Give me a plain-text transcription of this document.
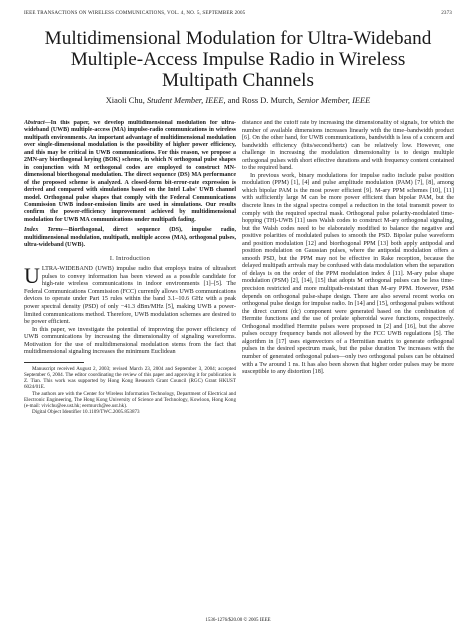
IEEE TRANSACTIONS ON WIRELESS COMMUNICATIONS, VOL. 4, NO. 5, SEPTEMBER 2005	2373
Multidimensional Modulation for Ultra-Wideband
Multiple-Access Impulse Radio in Wireless
Multipath Channels
Xiaoli Chu, Student Member, IEEE, and Ross D. Murch, Senior Member, IEEE

Abstract—In this paper, we develop multidimensional modulation for ultra-wideband (UWB) multiple-access (MA) impulse-radio communications in wireless multipath environments. An important advantage of multidimensional modulation over single-dimensional modulation is the possibility of higher power efficiency, and this may be critical in UWB communications. For this reason, we propose a 2MN-ary biorthogonal keying (BOK) scheme, in which N orthogonal pulse shapes in conjunction with M orthogonal codes are employed to construct MN-dimensional biorthogonal modulation. The direct sequence (DS) MA performance of the proposed scheme is analyzed. A closed-form bit-error-rate expression is derived and compared with simulations based on the Intel Labs' UWB channel model. Orthogonal pulse shapes that comply with the Federal Communications Commission UWB indoor-emission limits are used in simulations. Our results confirm the power-efficiency improvement achieved by multidimensional modulation for UWB MA communications under multipath fading.

Index Terms—Biorthogonal, direct sequence (DS), impulse radio, multidimensional modulation, multipath, multiple access (MA), orthogonal pulses, ultra-wideband (UWB).

I. Introduction

ULTRA-WIDEBAND (UWB) impulse radio that employs trains of ultrashort pulses to convey information has been viewed as a possible candidate for high-rate wireless communications in indoor environments [1]–[5]. The Federal Communications Commission (FCC) currently allows UWB communications devices to operate under Part 15 rules within the band 3.1–10.6 GHz with a peak power spectral density (PSD) of only −41.3 dBm/MHz [5], making UWB a power-limited communications method. Therefore, UWB modulation schemes are desired to be power efficient.

In this paper, we investigate the potential of improving the power efficiency of UWB communications by increasing the dimensionality of signaling waveforms. Motivation for the use of multidimensional modulation stems from the fact that multidimensional signaling increases the minimum Euclidean

Manuscript received August 2, 2003; revised March 23, 2004 and September 3, 2004; accepted September 6, 2004. The editor coordinating the review of this paper and approving it for publication is Z. Tian. This work was supported by Hong Kong Research Grant Council (RGC) Grant HKUST 6024/01E.

The authors are with the Center for Wireless Information Technology, Department of Electrical and Electronic Engineering, The Hong Kong University of Science and Technology, Kowloon, Hong Kong (e-mail: vivichu@ee.ust.hk; eermurch@ee.ust.hk).

Digital Object Identifier 10.1109/TWC.2005.853873

distance and the cutoff rate by increasing the dimensionality of signals, for which the number of available dimensions increases linearly with the time–bandwidth product [6]. On the other hand, for UWB communications, bandwidth is less of a concern and bandwidth efficiency (bits/second/hertz) can be relatively low. However, one challenge in increasing the modulation dimensionality is to design multiple orthogonal pulses with short effective durations and with frequency content contained to the required band.

In previous work, binary modulations for impulse radio include pulse position modulation (PPM) [1], [4] and pulse amplitude modulation (PAM) [7], [8], among which bipolar PAM is the most power efficient [9]. M-ary PPM schemes [10], [11] with sufficiently large M can be more power efficient than bipolar PAM, but the discrete lines in the signal spectra compel a reduction in the total transmit power to comply with the required spectral mask. Orthogonal pulse polarity-modulated time-hopping (TH)-UWB [11] uses Walsh codes to construct M-ary orthogonal signaling, but the Walsh codes need to be elaborately modified to balance the negative and positive polarities of modulated pulses to smooth the PSD. Bipolar pulse waveform and position modulation [12] and biorthogonal PPM [13] both apply antipodal and position modulation on Gaussian pulses, where the antipodal modulation offers a smooth PSD, but the PPM may not be effective in Rake reception, because the delayed multipath arrivals may be confused with data modulation when the separation of delays is on the order of the PPM modulation index δ [11]. M-ary pulse shape modulation (PSM) [2], [14], [15] that adopts M orthogonal pulses can be less time-precision restricted and more multipath-resistant than M-ary PPM. However, PSM depends on orthogonal pulse-shape design. There are also several recent works on orthogonal pulse design for impulse radio. In [14] and [15], orthogonal pulses without the direct current (dc) component were generated based on the combination of Hermite functions and the use of prolate spheroidal wave functions, respectively. Orthogonal modified Hermite pulses were proposed in [2] and [16], but the above pulses occupy frequency bands not allowed by the FCC UWB regulations [5]. The algorithm in [17] uses eigenvectors of a Hermitian matrix to generate orthogonal pulses in the desired spectrum mask, but the pulse duration Tw increases with the number of generated orthogonal pulses—only two orthogonal pulses can be obtained with a Tw around 1 ns. It has also been shown that higher order pulses may be more susceptible to any distortion [18].

1536-1276/$20.00 © 2005 IEEE
